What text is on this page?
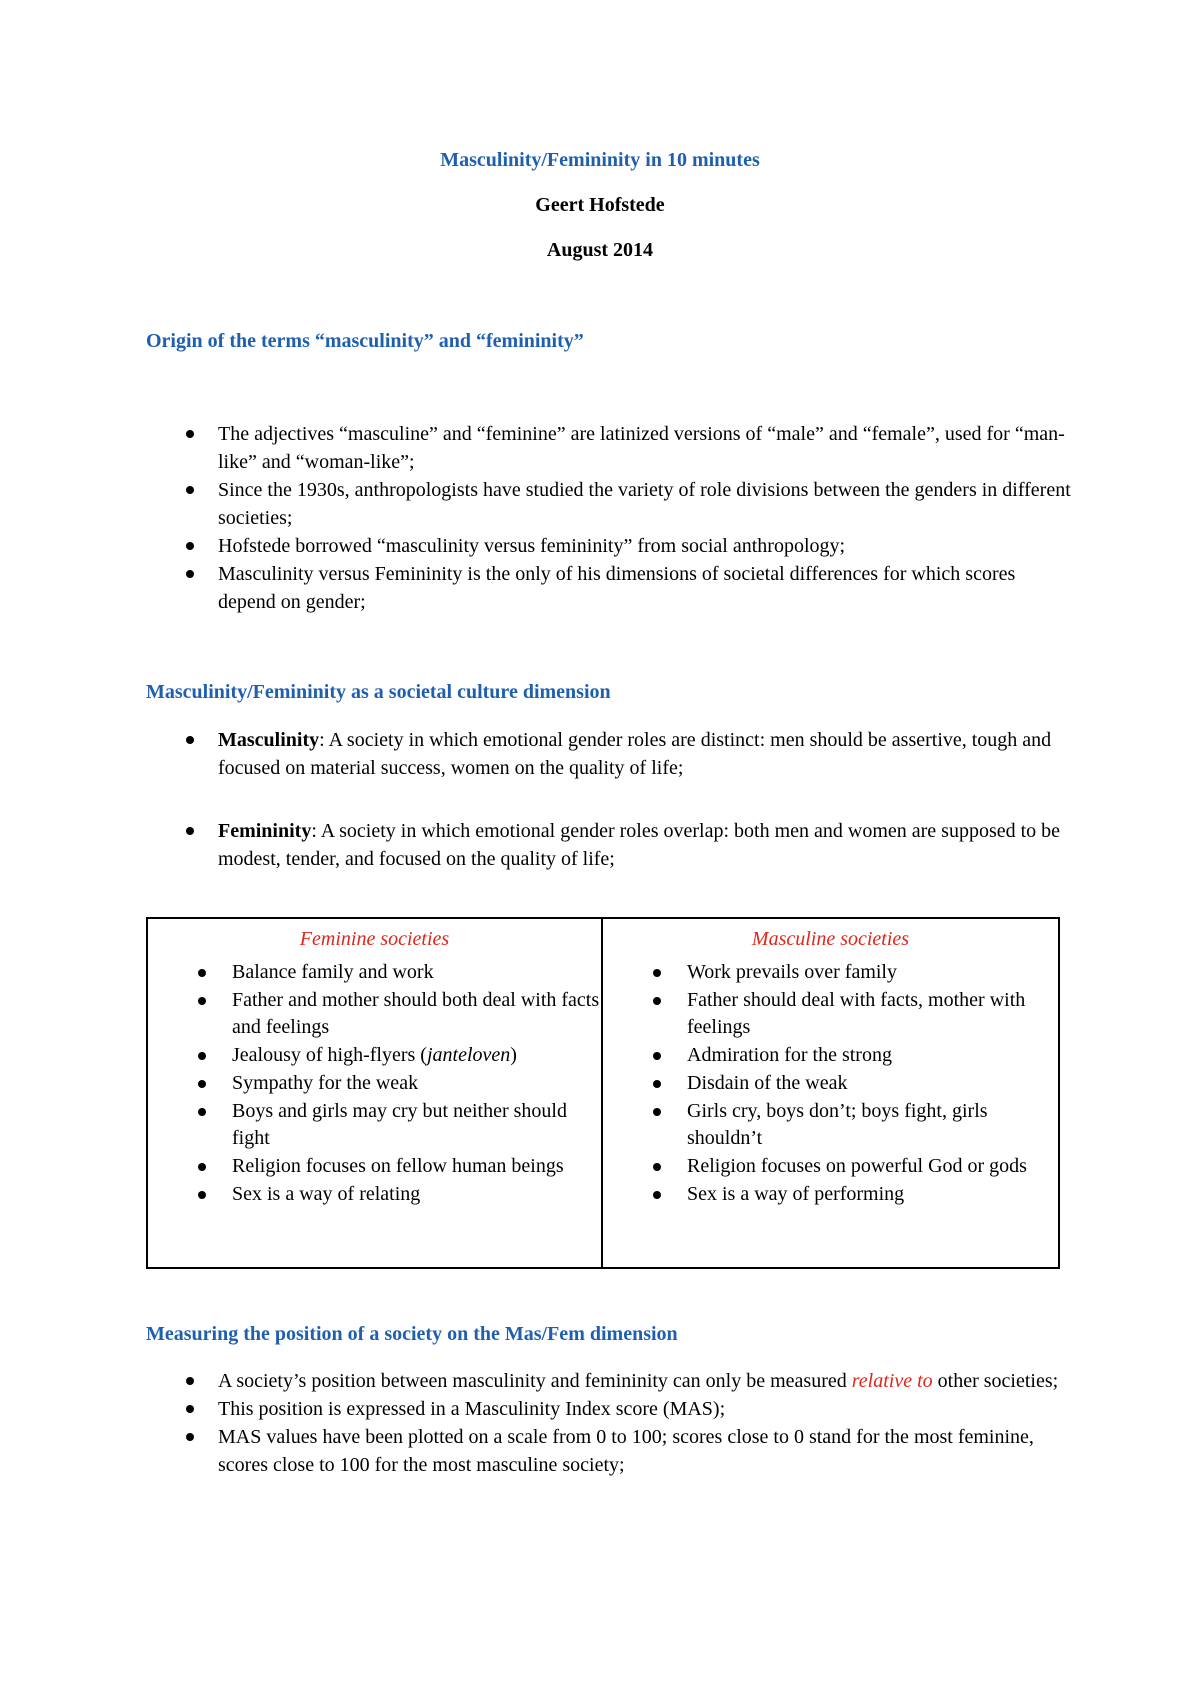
Masculinity/Femininity in 10 minutes
Geert Hofstede
August 2014
Origin of the terms “masculinity” and “femininity”
The adjectives “masculine” and “feminine” are latinized versions of “male” and “female”, used for “man-like” and “woman-like”;
Since the 1930s, anthropologists have studied the variety of role divisions between the genders in different societies;
Hofstede borrowed “masculinity versus femininity” from social anthropology;
Masculinity versus Femininity is the only of his dimensions of societal differences for which scores depend on gender;
Masculinity/Femininity as a societal culture dimension
Masculinity: A society in which emotional gender roles are distinct: men should be assertive, tough and focused on material success, women on the quality of life;
Femininity: A society in which emotional gender roles overlap: both men and women are supposed to be modest, tender, and focused on the quality of life;
Feminine societies
Balance family and work
Father and mother should both deal with facts and feelings
Jealousy of high-flyers (janteloven)
Sympathy for the weak
Boys and girls may cry but neither should fight
Religion focuses on fellow human beings
Sex is a way of relating
Masculine societies
Work prevails over family
Father should deal with facts, mother with feelings
Admiration for the strong
Disdain of the weak
Girls cry, boys don’t; boys fight, girls shouldn’t
Religion focuses on powerful God or gods
Sex is a way of performing
Measuring the position of a society on the Mas/Fem dimension
A society’s position between masculinity and femininity can only be measured relative to other societies;
This position is expressed in a Masculinity Index score (MAS);
MAS values have been plotted on a scale from 0 to 100; scores close to 0 stand for the most feminine, scores close to 100 for the most masculine society;
